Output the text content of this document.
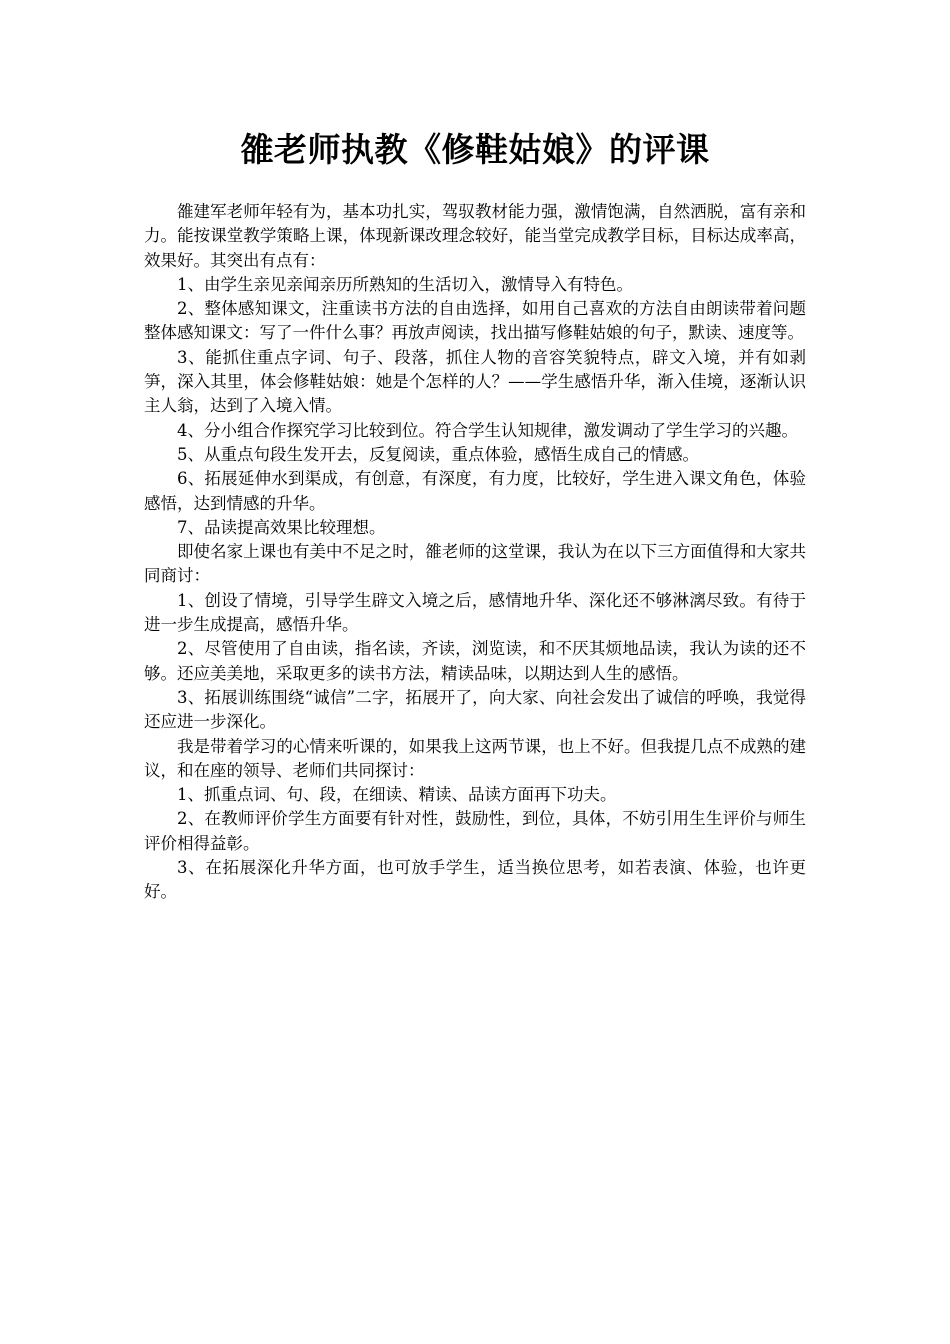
雒老师执教《修鞋姑娘》的评课

雒建军老师年轻有为，基本功扎实，驾驭教材能力强，激情饱满，自然洒脱，富有亲和力。能按课堂教学策略上课，体现新课改理念较好，能当堂完成教学目标，目标达成率高，效果好。其突出有点有：

1、由学生亲见亲闻亲历所熟知的生活切入，激情导入有特色。

2、整体感知课文，注重读书方法的自由选择，如用自己喜欢的方法自由朗读带着问题整体感知课文：写了一件什么事？再放声阅读，找出描写修鞋姑娘的句子，默读、速度等。

3、能抓住重点字词、句子、段落，抓住人物的音容笑貌特点，辟文入境，并有如剥笋，深入其里，体会修鞋姑娘：她是个怎样的人？——学生感悟升华，渐入佳境，逐渐认识主人翁，达到了入境入情。

4、分小组合作探究学习比较到位。符合学生认知规律，激发调动了学生学习的兴趣。

5、从重点句段生发开去，反复阅读，重点体验，感悟生成自己的情感。

6、拓展延伸水到渠成，有创意，有深度，有力度，比较好，学生进入课文角色，体验感悟，达到情感的升华。

7、品读提高效果比较理想。

即使名家上课也有美中不足之时，雒老师的这堂课，我认为在以下三方面值得和大家共同商讨：

1、创设了情境，引导学生辟文入境之后，感情地升华、深化还不够淋漓尽致。有待于进一步生成提高，感悟升华。

2、尽管使用了自由读，指名读，齐读，浏览读，和不厌其烦地品读，我认为读的还不够。还应美美地，采取更多的读书方法，精读品味，以期达到人生的感悟。

3、拓展训练围绕“诚信”二字，拓展开了，向大家、向社会发出了诚信的呼唤，我觉得还应进一步深化。

我是带着学习的心情来听课的，如果我上这两节课，也上不好。但我提几点不成熟的建议，和在座的领导、老师们共同探讨：

1、抓重点词、句、段，在细读、精读、品读方面再下功夫。

2、在教师评价学生方面要有针对性，鼓励性，到位，具体，不妨引用生生评价与师生评价相得益彰。

3、在拓展深化升华方面，也可放手学生，适当换位思考，如若表演、体验，也许更好。
